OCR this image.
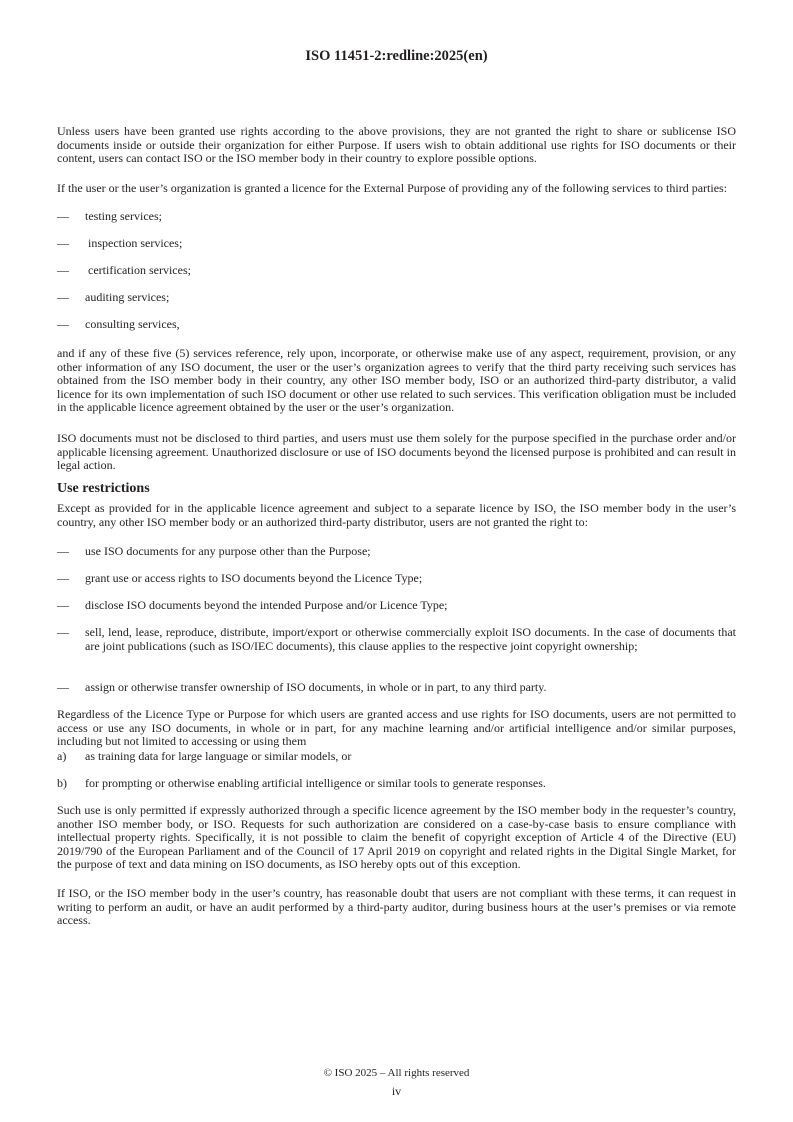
ISO 11451-2:redline:2025(en)

Unless users have been granted use rights according to the above provisions, they are not granted the right to share or sublicense ISO documents inside or outside their organization for either Purpose. If users wish to obtain additional use rights for ISO documents or their content, users can contact ISO or the ISO member body in their country to explore possible options.

If the user or the user’s organization is granted a licence for the External Purpose of providing any of the following services to third parties:

—	testing services;
—	inspection services;
—	certification services;
—	auditing services;
—	consulting services,

and if any of these five (5) services reference, rely upon, incorporate, or otherwise make use of any aspect, requirement, provision, or any other information of any ISO document, the user or the user’s organization agrees to verify that the third party receiving such services has obtained from the ISO member body in their country, any other ISO member body, ISO or an authorized third-party distributor, a valid licence for its own implementation of such ISO document or other use related to such services. This verification obligation must be included in the applicable licence agreement obtained by the user or the user’s organization.

ISO documents must not be disclosed to third parties, and users must use them solely for the purpose specified in the purchase order and/or applicable licensing agreement. Unauthorized disclosure or use of ISO documents beyond the licensed purpose is prohibited and can result in legal action.

Use restrictions

Except as provided for in the applicable licence agreement and subject to a separate licence by ISO, the ISO member body in the user’s country, any other ISO member body or an authorized third-party distributor, users are not granted the right to:

—	use ISO documents for any purpose other than the Purpose;
—	grant use or access rights to ISO documents beyond the Licence Type;
—	disclose ISO documents beyond the intended Purpose and/or Licence Type;
—	sell, lend, lease, reproduce, distribute, import/export or otherwise commercially exploit ISO documents. In the case of documents that are joint publications (such as ISO/IEC documents), this clause applies to the respective joint copyright ownership;
—	assign or otherwise transfer ownership of ISO documents, in whole or in part, to any third party.

Regardless of the Licence Type or Purpose for which users are granted access and use rights for ISO documents, users are not permitted to access or use any ISO documents, in whole or in part, for any machine learning and/or artificial intelligence and/or similar purposes, including but not limited to accessing or using them

a)	as training data for large language or similar models, or
b)	for prompting or otherwise enabling artificial intelligence or similar tools to generate responses.

Such use is only permitted if expressly authorized through a specific licence agreement by the ISO member body in the requester’s country, another ISO member body, or ISO. Requests for such authorization are considered on a case-by-case basis to ensure compliance with intellectual property rights. Specifically, it is not possible to claim the benefit of copyright exception of Article 4 of the Directive (EU) 2019/790 of the European Parliament and of the Council of 17 April 2019 on copyright and related rights in the Digital Single Market, for the purpose of text and data mining on ISO documents, as ISO hereby opts out of this exception.

If ISO, or the ISO member body in the user’s country, has reasonable doubt that users are not compliant with these terms, it can request in writing to perform an audit, or have an audit performed by a third-party auditor, during business hours at the user’s premises or via remote access.

© ISO 2025 – All rights reserved
iv
